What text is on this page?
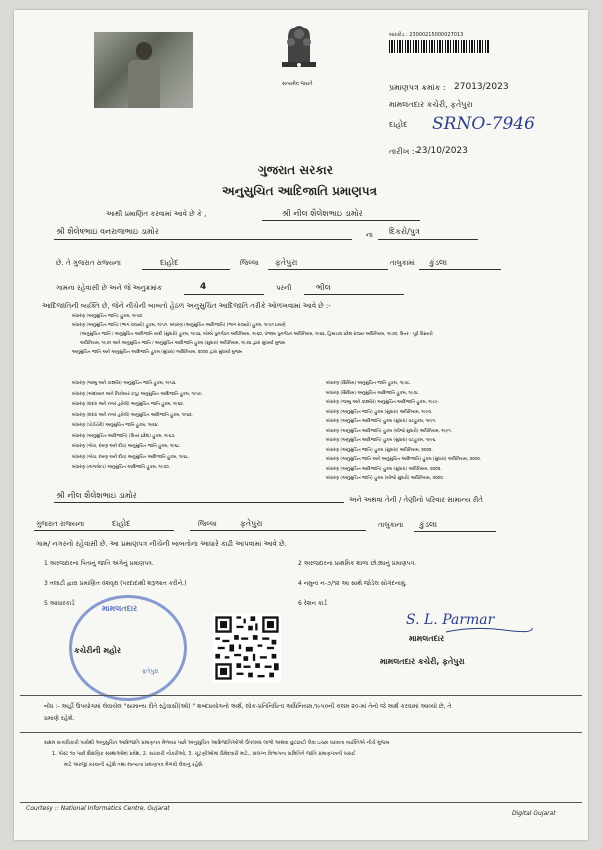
સત્યમેવ જયતે
બારકોડ : 23000215000027013
પ્રમાણપત્ર ક્રમાંક : 27013/2023
મામલતદાર કચેરી, ફતેપુરા
દાહોદ SRNO-7946
તારીખ :-
23/10/2023
ગુજરાત સરકાર
અનુસુચિત આદિજાતિ પ્રમાણપત્ર
આથી પ્રમાણિત કરવામાં આવે છે કે ,	શ્રી નીલ શૈલેશભાઇ ડામોર
શ્રી શૈલેષભાઇ વનરાજભાઇ ડામોર	ના દિકરો/પુત્ર
છે. તે ગુજરાત રાજ્યના	દાહોદ	જિલ્લા ફતેપુરા	તાલુકામાં કુંડલા
ગામના રહેવાસી છે અને જે અનુક્રમાંક	4	પરની	ભીલ
આદિજાતિની વ્યક્તિ છે, જેને નીચેની બાબતો હેઠળ અનુસુચિત આદિજાતિ તરીકે ઓળખવામાં આવે છે :-
બંધારણ (અનુસુચિત જાતિ) હુકમ, ૧૯૫૦.
બંધારણ (અનુસુચિત જાતિ) (ભાગ રાજ્યો) હુકમ, ૧૯૫૧. બંધારણ (અનુસુચિત આદિજાતિ) (ભાગ રાજ્યો) હુકમ, ૧૯૫૧ પ્રમાણે
(અનુસુચિત જાતિ / અનુસુચિત આદિજાતિ યાદી (સુધારો) હુકમ, ૧૯૫૬, બોમ્બે પુનર્ગઠન અધિનિયમ, ૧૯૬૦, પંજાબ પુનર્ગઠન અધિનિયમ, ૧૯૬૬, હિમાચલ પ્રદેશ રાજ્ય અધિનિયમ, ૧૯૭૦, ઉત્તર - પૂર્વ વિસ્તારો
અધિનિયમ, ૧૯૭૧ અને અનુસુચિત જાતિ / અનુસુચિત આદિજાતિ હુકમ (સુધારા) અધિનિયમ, ૧૯૭૬ દ્વારા સુધાર્યા મુજબ
અનુસુચિત જાતિ અને અનુસુચિત આદિજાતિ હુકમ (સુધારા) અધિનિયમ, ૨૦૦૨ દ્વારા સુધાર્યા મુજબ
બંધારણ (જમ્મુ અને કાશ્મીર) અનુસુચિત જાતિ હુકમ, ૧૯૫૬.
બંધારણ (આંદામાન અને નિકોબાર ટાપુ) અનુસુચિત આદિજાતિ હુકમ, ૧૯૫૯.
બંધારણ (દાદરા અને નગર હવેલી) અનુસુચિત જાતિ હુકમ, ૧૯૬૨.
બંધારણ (દાદરા અને નગર હવેલી) અનુસુચિત આદિજાતિ હુકમ, ૧૯૬૨.
બંધારણ (પોંડીચેરી) અનુસુચિત જાતિ હુકમ, ૧૯૬૪.
બંધારણ (અનુસુચિત આદિજાતિ) (ઉત્તર પ્રદેશ) હુકમ, ૧૯૬૭.
બંધારણ (ગોવા, દમણ અને દીવ) અનુસુચિત જાતિ હુકમ, ૧૯૬૮.
બંધારણ (ગોવા, દમણ અને દીવ) અનુસુચિત આદિજાતિ હુકમ, ૧૯૬૮.
બંધારણ (નાગાલેન્ડ) અનુસુચિત આદિજાતિ હુકમ, ૧૯૭૦.
બંધારણ (સિક્કિમ) અનુસુચિત જાતિ હુકમ, ૧૯૭૮.
બંધારણ (સિક્કિમ) અનુસુચિત આદિજાતિ હુકમ, ૧૯૭૮.
બંધારણ (જમ્મુ અને કાશ્મીર) અનુસુચિત આદિજાતિ હુકમ, ૧૯૮૯.
બંધારણ (અનુસુચિત જાતિ) હુકમ (સુધારા) અધિનિયમ, ૧૯૯૦.
બંધારણ (અનુસુચિત આદિજાતિ) હુકમ (સુધારા) વટહુકમ, ૧૯૯૧.
બંધારણ (અનુસુચિત આદિજાતિ) હુકમ (બીજો સુધારો) અધિનિયમ, ૧૯૯૧.
બંધારણ (અનુસુચિત આદિજાતિ) હુકમ (સુધારા) વટહુકમ, ૧૯૯૬.
બંધારણ (અનુસુચિત જાતિ) હુકમ (સુધારા) અધિનિયમ, ૨૦૦૨.
બંધારણ (અનુસુચિત જાતિ અને અનુસુચિત આદિજાતિ) હુકમ (સુધારા) અધિનિયમ, ૨૦૦૨.
બંધારણ (અનુસુચિત આદિજાતિ) હુકમ (સુધારા) અધિનિયમ, ૨૦૦૨.
બંધારણ (અનુસુચિત જાતિ) હુકમ (બીજો સુધારો) અધિનિયમ, ૨૦૦૨.
શ્રી નીલ શૈલેશભાઇ ડામોર	અને અથવા તેની / તેણીનો પરિવાર સામાન્ય રીતે
ગુજરાત રાજ્યના	દાહોદ	જિલ્લા	ફતેપુરા	તાલુકાના કુંડલા
ગામ/ નગરનો રહેવાસી છે. આ પ્રમાણપત્ર નીચેની બાબતોના આધારે કાઢી આપવામાં આવે છે.
1 અરજદારના પિતાનું જાતિ અંગેનું પ્રમાણપત્ર.	2 અરજદારના પ્રાથમિક શાળા છોડ્યાનું પ્રમાણપત્ર.
3 તલાટી દ્વારા પ્રમાણિત વંશવૃક્ષ (પરદાદાથી શરૂઆત કરીને.)	4 નમુના ન-૭/૧૨ આ સાથે જોડેલ સોગંદનામું.
5 આધારકાર્ડ	6 રેશન કાર્ડ
મામલતદાર
કચેરીની મહોર
ફતેપુરા
S. L. Parmar
મામલતદાર
મામલતદાર કચેરી, ફતેપુરા
નોંધ :- અહીં ઉપયોગમાં લેવાયેલ "સામાન્ય રીતે રહેવાસી(ઓ) " શબ્દપ્રયોગનો અર્થ, લોક-પ્રતિનિધિત્વ અધિનિયમ,૧૯૫૦ની કલમ ૨૦-માં તેનો જે અર્થ કરવામાં આવ્યો છે, તે
પ્રમાણે રહેશે.
સક્ષમ સત્તાધિકારી પાસેથી અનુસુચિત આદિજાતિ પ્રમાણપત્ર મેળવ્યા પછી અનુસુચિત આદિજાતિઓએ ઉપલબ્ધ લાભો અથવા છુટછાટો લેવા ઇચ્છા ધરાવતા વ્યક્તિએ નીચે મુજબ
1. પોસ્ટ ૧૦ પછી શૈક્ષણિક સંસ્થાઓમાં પ્રવેશ, 2. સરકારી નોકરીઓ, 3. ચૂંટણીઓમાં ઉમેદવારી માટે., સંલગ્ન વિભાગના સમિતિને જાતિ પ્રમાણપત્રની ખરાઈ
માટે અરજી કરવાની રહેશે તથા માન્યતા પ્રમાણપત્ર મેળવી લેવાનું રહેશે.
Courtesy :: National Informatics Centre, Gujarat
Digital Gujarat
